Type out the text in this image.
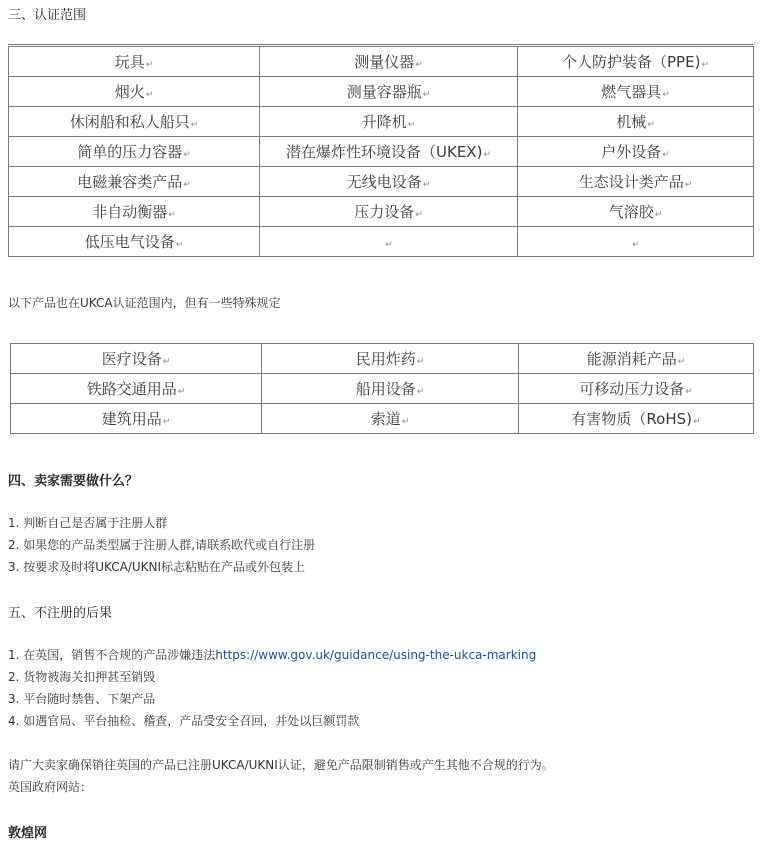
三、认证范围
玩具↵	测量仪器↵	个人防护装备（PPE)↵
烟火↵	测量容器瓶↵	燃气器具↵
休闲船和私人船只↵	升降机↵	机械↵
简单的压力容器↵	潜在爆炸性环境设备（UKEX)↵	户外设备↵
电磁兼容类产品↵	无线电设备↵	生态设计类产品↵
非自动衡器↵	压力设备↵	气溶胶↵
低压电气设备↵	↵	↵
以下产品也在UKCA认证范围内，但有一些特殊规定
医疗设备↵	民用炸药↵	能源消耗产品↵
铁路交通用品↵	船用设备↵	可移动压力设备↵
建筑用品↵	索道↵	有害物质（RoHS)↵
四、卖家需要做什么？
1. 判断自己是否属于注册人群
2. 如果您的产品类型属于注册人群,请联系欧代或自行注册
3. 按要求及时将UKCA/UKNI标志粘贴在产品或外包装上
五、不注册的后果
1. 在英国，销售不合规的产品涉嫌违法https://www.gov.uk/guidance/using-the-ukca-marking
2. 货物被海关扣押甚至销毁
3. 平台随时禁售、下架产品
4. 如遇官局、平台抽检、稽查，产品受安全召回，并处以巨额罚款
请广大卖家确保销往英国的产品已注册UKCA/UKNI认证，避免产品限制销售或产生其他不合规的行为。
英国政府网站：
敦煌网
